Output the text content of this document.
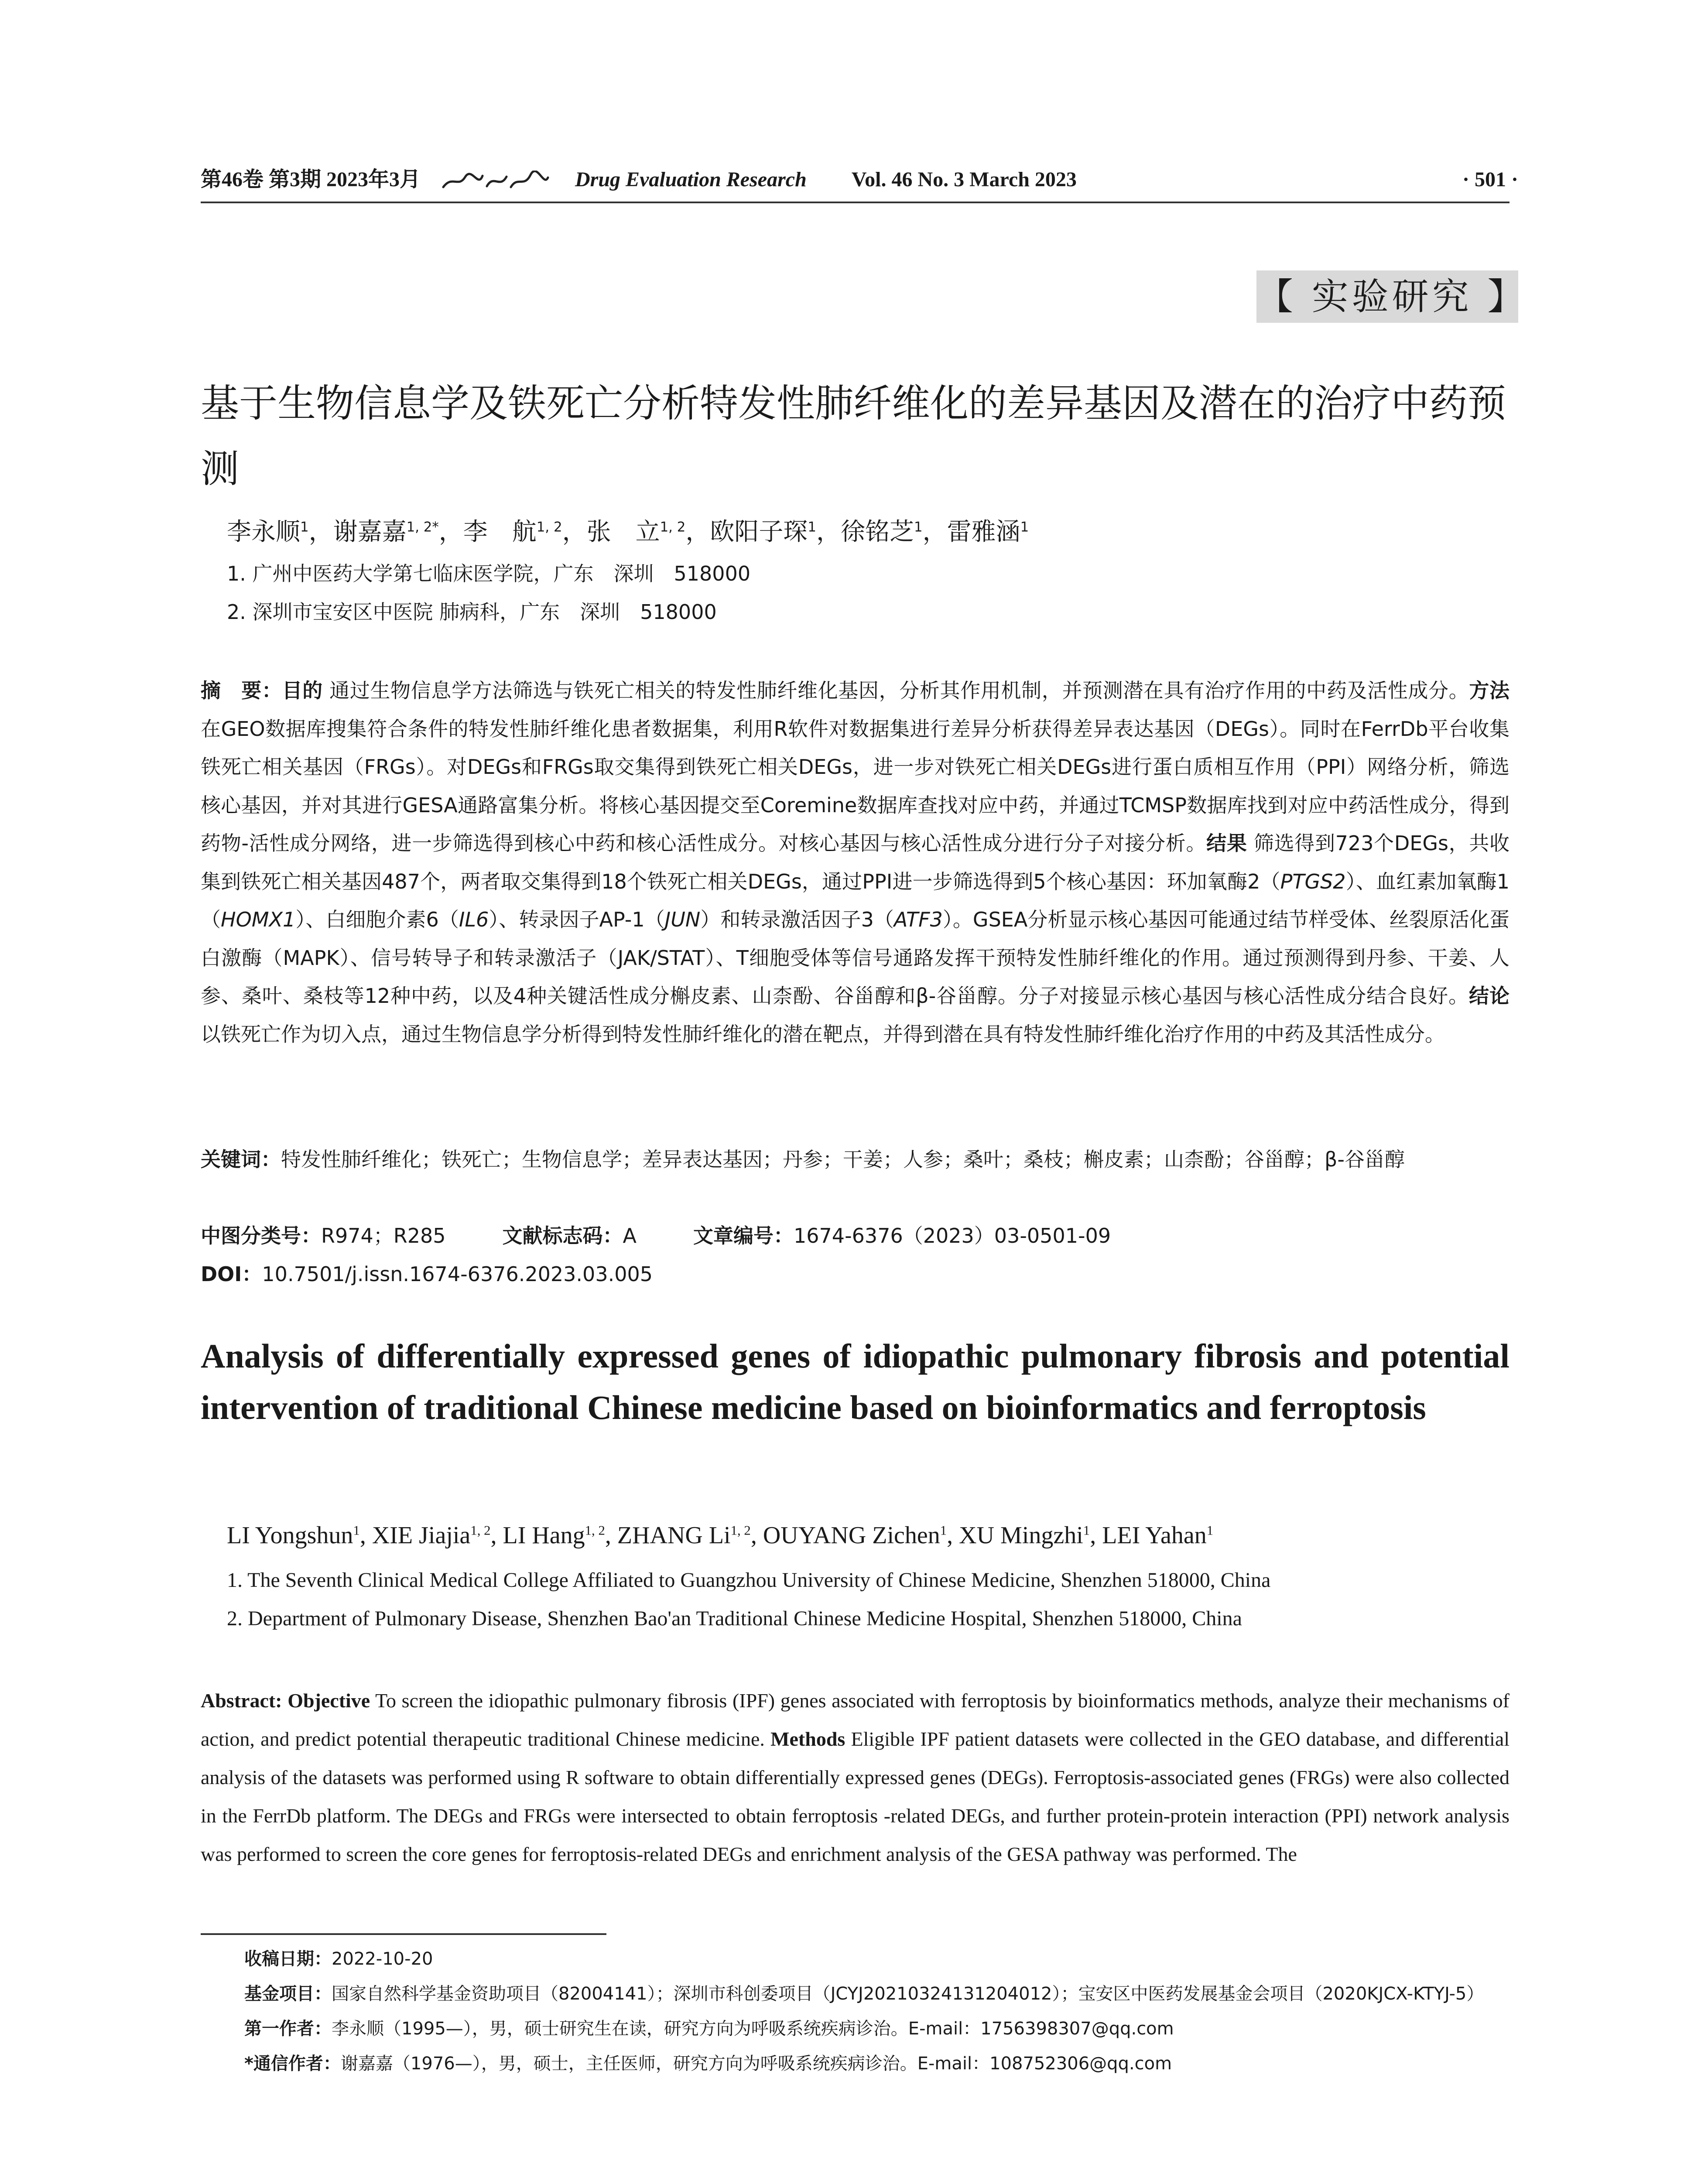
第46卷 第3期 2023年3月	Drug Evaluation Research Vol. 46 No. 3 March 2023	· 501 ·
【 实验研究 】
基于生物信息学及铁死亡分析特发性肺纤维化的差异基因及潜在的治疗中药预测
李永顺$^1$，谢嘉嘉$^{1, 2*}$，李　航$^{1, 2}$，张　立$^{1, 2}$，欧阳子琛$^1$，徐铭芝$^1$，雷雅涵$^1$
1. 广州中医药大学第七临床医学院，广东　深圳　518000
2. 深圳市宝安区中医院 肺病科，广东　深圳　518000
摘　要：目的 通过生物信息学方法筛选与铁死亡相关的特发性肺纤维化基因，分析其作用机制，并预测潜在具有治疗作用的中药及活性成分。方法 在GEO数据库搜集符合条件的特发性肺纤维化患者数据集，利用R软件对数据集进行差异分析获得差异表达基因（DEGs）。同时在FerrDb平台收集铁死亡相关基因（FRGs）。对DEGs和FRGs取交集得到铁死亡相关DEGs，进一步对铁死亡相关DEGs进行蛋白质相互作用（PPI）网络分析，筛选核心基因，并对其进行GESA通路富集分析。将核心基因提交至Coremine数据库查找对应中药，并通过TCMSP数据库找到对应中药活性成分，得到药物-活性成分网络，进一步筛选得到核心中药和核心活性成分。对核心基因与核心活性成分进行分子对接分析。结果 筛选得到723个DEGs，共收集到铁死亡相关基因487个，两者取交集得到18个铁死亡相关DEGs，通过PPI进一步筛选得到5个核心基因：环加氧酶2（PTGS2）、血红素加氧酶1（HOMX1）、白细胞介素6（IL6）、转录因子AP-1（JUN）和转录激活因子3（ATF3）。GSEA分析显示核心基因可能通过结节样受体、丝裂原活化蛋白激酶（MAPK）、信号转导子和转录激活子（JAK/STAT）、T细胞受体等信号通路发挥干预特发性肺纤维化的作用。通过预测得到丹参、干姜、人参、桑叶、桑枝等12种中药，以及4种关键活性成分槲皮素、山柰酚、谷甾醇和β-谷甾醇。分子对接显示核心基因与核心活性成分结合良好。结论 以铁死亡作为切入点，通过生物信息学分析得到特发性肺纤维化的潜在靶点，并得到潜在具有特发性肺纤维化治疗作用的中药及其活性成分。
关键词：特发性肺纤维化；铁死亡；生物信息学；差异表达基因；丹参；干姜；人参；桑叶；桑枝；槲皮素；山柰酚；谷甾醇；β-谷甾醇
中图分类号：R974；R285	文献标志码：A	文章编号：1674-6376（2023）03-0501-09
DOI：10.7501/j.issn.1674-6376.2023.03.005
Analysis of differentially expressed genes of idiopathic pulmonary fibrosis and potential intervention of traditional Chinese medicine based on bioinformatics and ferroptosis
LI Yongshun$^1$, XIE Jiajia$^{1, 2}$, LI Hang$^{1, 2}$, ZHANG Li$^{1, 2}$, OUYANG Zichen$^1$, XU Mingzhi$^1$, LEI Yahan$^1$
1. The Seventh Clinical Medical College Affiliated to Guangzhou University of Chinese Medicine, Shenzhen 518000, China
2. Department of Pulmonary Disease, Shenzhen Bao'an Traditional Chinese Medicine Hospital, Shenzhen 518000, China
Abstract: Objective To screen the idiopathic pulmonary fibrosis (IPF) genes associated with ferroptosis by bioinformatics methods, analyze their mechanisms of action, and predict potential therapeutic traditional Chinese medicine. Methods Eligible IPF patient datasets were collected in the GEO database, and differential analysis of the datasets was performed using R software to obtain differentially expressed genes (DEGs). Ferroptosis-associated genes (FRGs) were also collected in the FerrDb platform. The DEGs and FRGs were intersected to obtain ferroptosis -related DEGs, and further protein-protein interaction (PPI) network analysis was performed to screen the core genes for ferroptosis-related DEGs and enrichment analysis of the GESA pathway was performed. The
收稿日期：2022-10-20
基金项目：国家自然科学基金资助项目（82004141）；深圳市科创委项目（JCYJ20210324131204012）；宝安区中医药发展基金会项目（2020KJCX-KTYJ-5）
第一作者：李永顺（1995—），男，硕士研究生在读，研究方向为呼吸系统疾病诊治。E-mail：1756398307@qq.com
*通信作者：谢嘉嘉（1976—），男，硕士，主任医师，研究方向为呼吸系统疾病诊治。E-mail：108752306@qq.com
